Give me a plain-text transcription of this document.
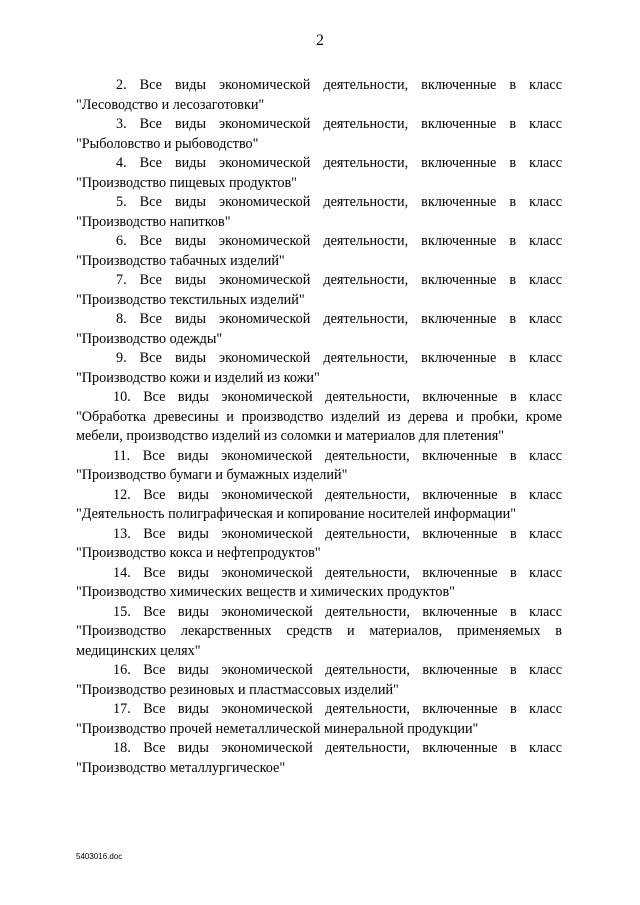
2

2. Все виды экономической деятельности, включенные в класс
"Лесоводство и лесозаготовки"

3. Все виды экономической деятельности, включенные в класс
"Рыболовство и рыбоводство"

4. Все виды экономической деятельности, включенные в класс
"Производство пищевых продуктов"

5. Все виды экономической деятельности, включенные в класс
"Производство напитков"

6. Все виды экономической деятельности, включенные в класс
"Производство табачных изделий"

7. Все виды экономической деятельности, включенные в класс
"Производство текстильных изделий"

8. Все виды экономической деятельности, включенные в класс
"Производство одежды"

9. Все виды экономической деятельности, включенные в класс
"Производство кожи и изделий из кожи"

10. Все виды экономической деятельности, включенные в класс
"Обработка древесины и производство изделий из дерева и пробки, кроме
мебели, производство изделий из соломки и материалов для плетения"

11. Все виды экономической деятельности, включенные в класс
"Производство бумаги и бумажных изделий"

12. Все виды экономической деятельности, включенные в класс
"Деятельность полиграфическая и копирование носителей информации"

13. Все виды экономической деятельности, включенные в класс
"Производство кокса и нефтепродуктов"

14. Все виды экономической деятельности, включенные в класс
"Производство химических веществ и химических продуктов"

15. Все виды экономической деятельности, включенные в класс
"Производство лекарственных средств и материалов, применяемых в
медицинских целях"

16. Все виды экономической деятельности, включенные в класс
"Производство резиновых и пластмассовых изделий"

17. Все виды экономической деятельности, включенные в класс
"Производство прочей неметаллической минеральной продукции"

18. Все виды экономической деятельности, включенные в класс
"Производство металлургическое"

5403016.doc
